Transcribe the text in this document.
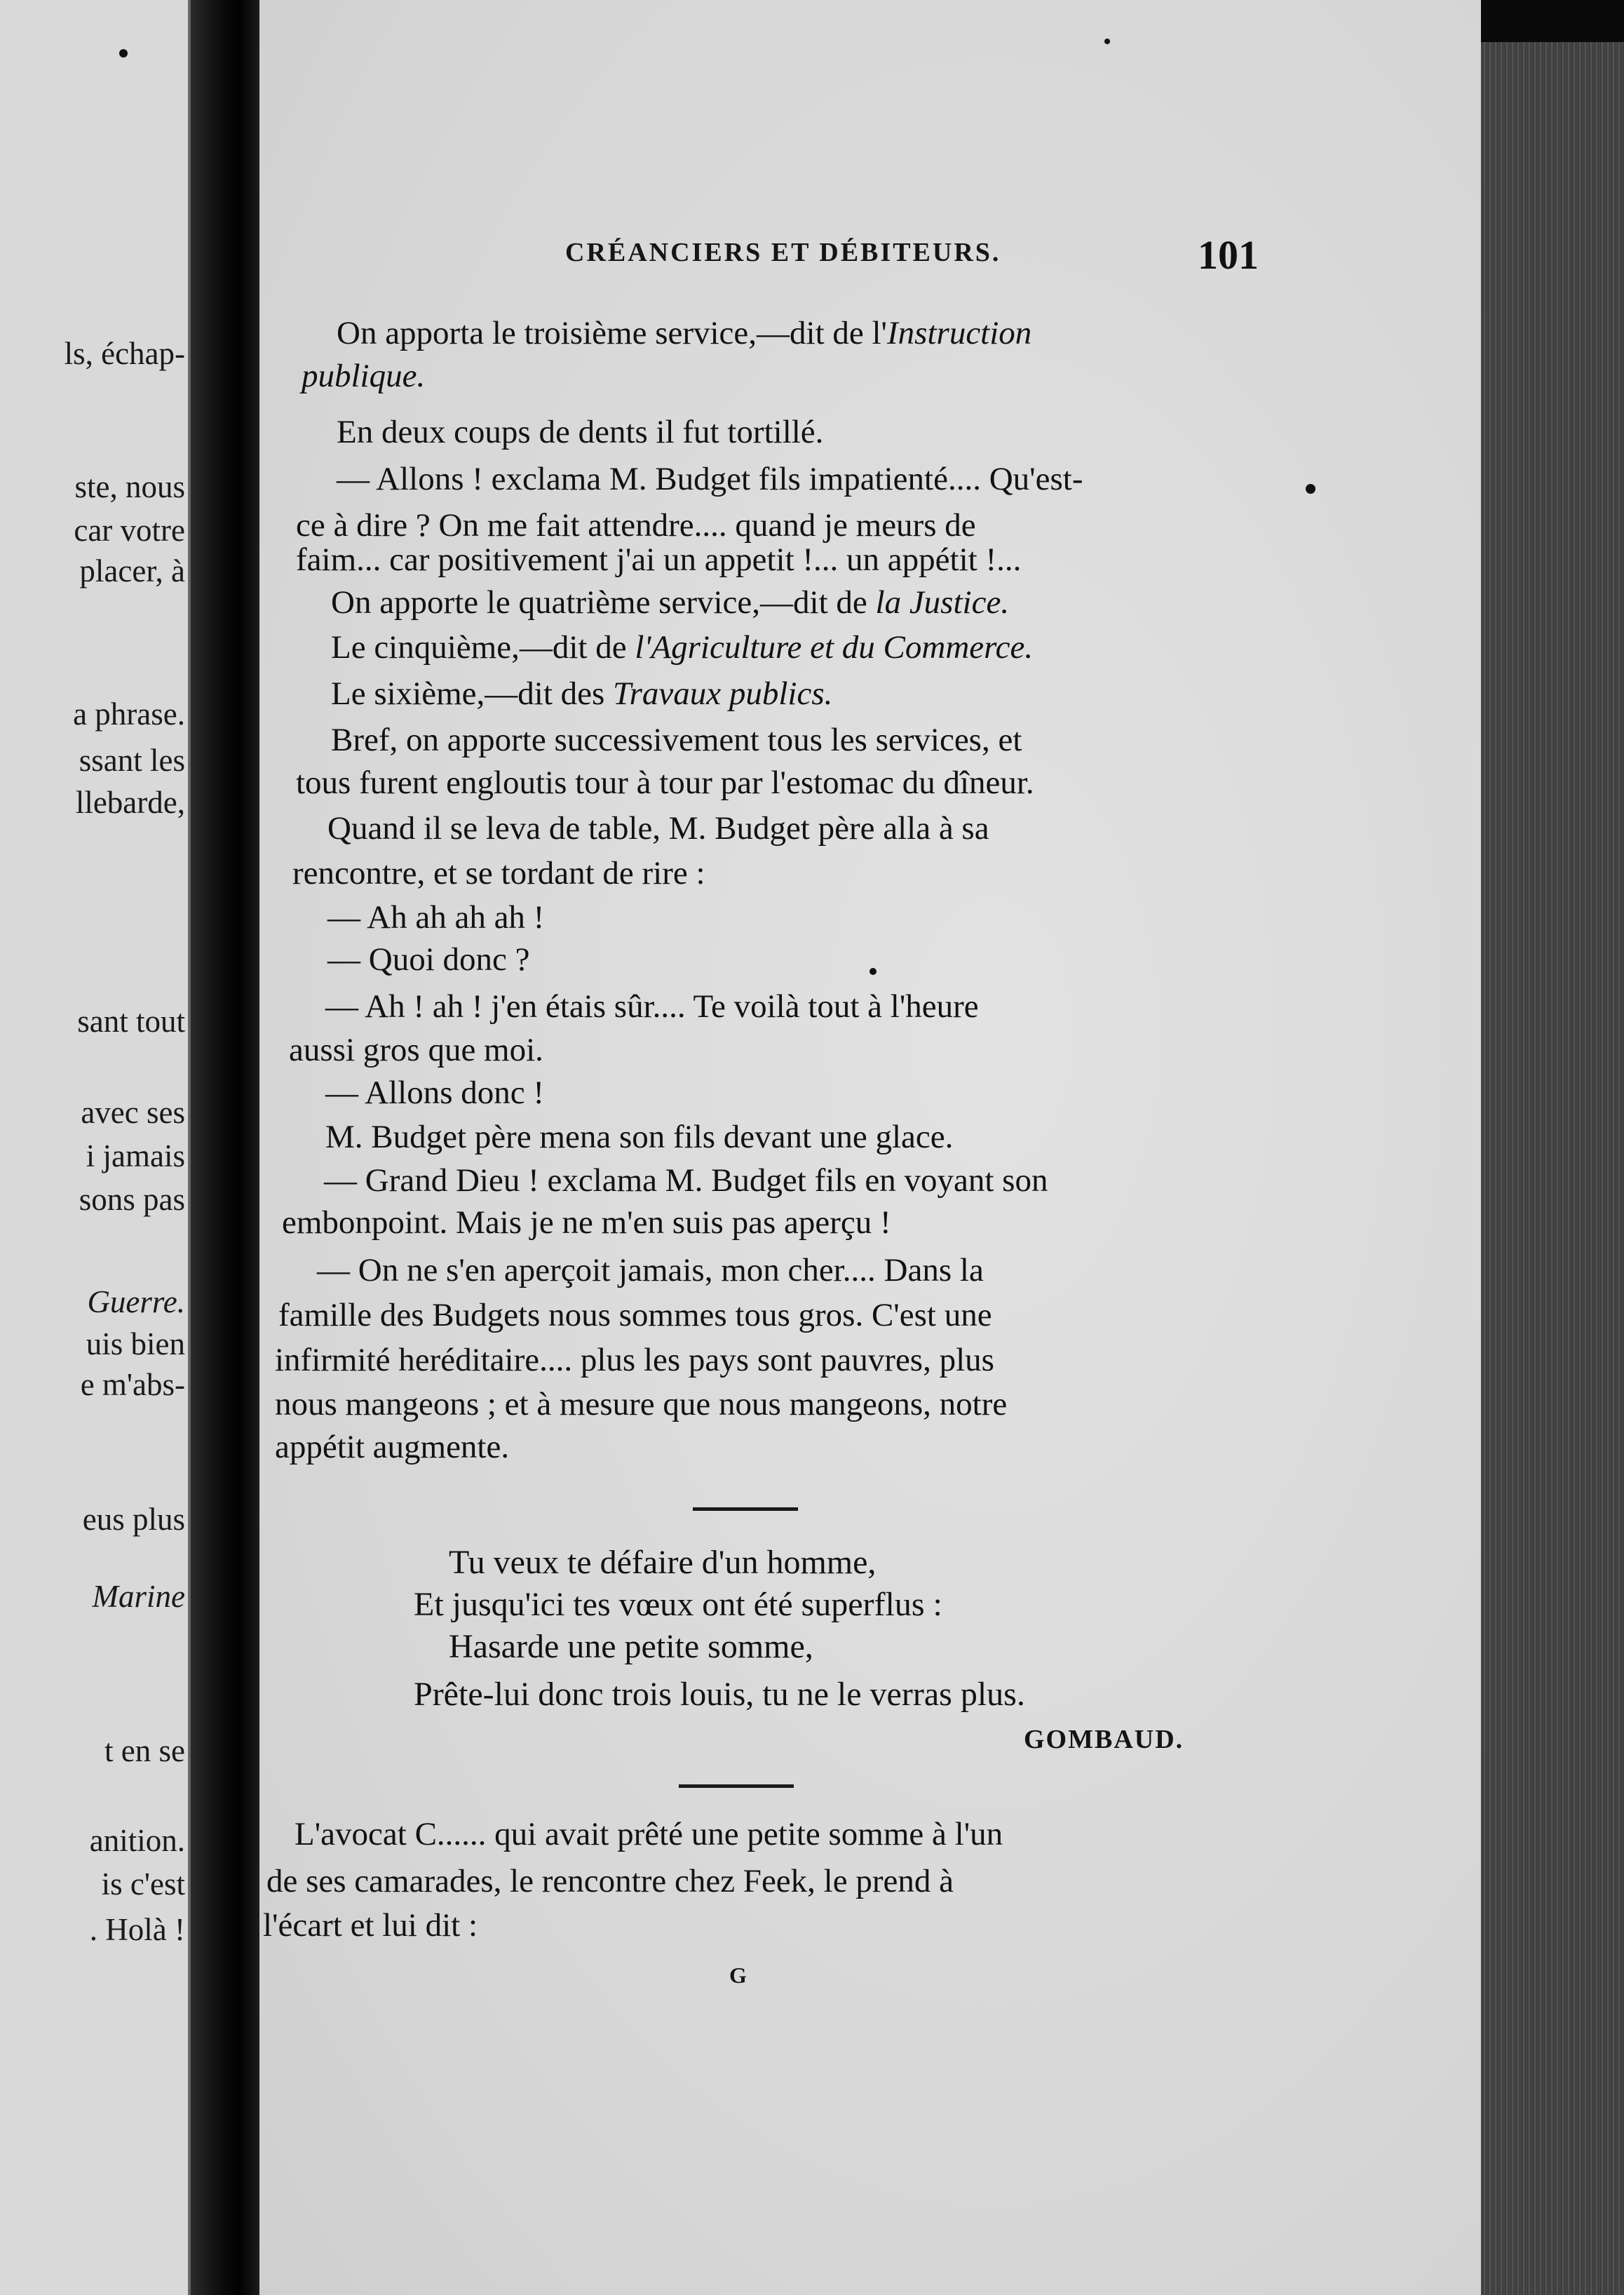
ls, échap-
ste, nous
car votre
placer, à
a phrase.
ssant les
llebarde,
sant tout
avec ses
i jamais
sons pas
Guerre.
uis bien
e m'abs-
eus plus
Marine
t en se
anition.
is c'est
. Holà !
CRÉANCIERS ET DÉBITEURS.	101
On apporta le troisième service,—dit de l'Instruction
publique.
En deux coups de dents il fut tortillé.
— Allons ! exclama M. Budget fils impatienté.... Qu'est-
ce à dire ? On me fait attendre.... quand je meurs de
faim... car positivement j'ai un appetit !... un appétit !...
On apporte le quatrième service,—dit de la Justice.
Le cinquième,—dit de l'Agriculture et du Commerce.
Le sixième,—dit des Travaux publics.
Bref, on apporte successivement tous les services, et
tous furent engloutis tour à tour par l'estomac du dîneur.
Quand il se leva de table, M. Budget père alla à sa
rencontre, et se tordant de rire :
— Ah ah ah ah !
— Quoi donc ?
— Ah ! ah ! j'en étais sûr.... Te voilà tout à l'heure
aussi gros que moi.
— Allons donc !
M. Budget père mena son fils devant une glace.
— Grand Dieu ! exclama M. Budget fils en voyant son
embonpoint. Mais je ne m'en suis pas aperçu !
— On ne s'en aperçoit jamais, mon cher.... Dans la
famille des Budgets nous sommes tous gros. C'est une
infirmité heréditaire.... plus les pays sont pauvres, plus
nous mangeons ; et à mesure que nous mangeons, notre
appétit augmente.
Tu veux te défaire d'un homme,
Et jusqu'ici tes vœux ont été superflus :
Hasarde une petite somme,
Prête-lui donc trois louis, tu ne le verras plus.
GOMBAUD.
L'avocat C...... qui avait prêté une petite somme à l'un
de ses camarades, le rencontre chez Feek, le prend à
l'écart et lui dit :
G
